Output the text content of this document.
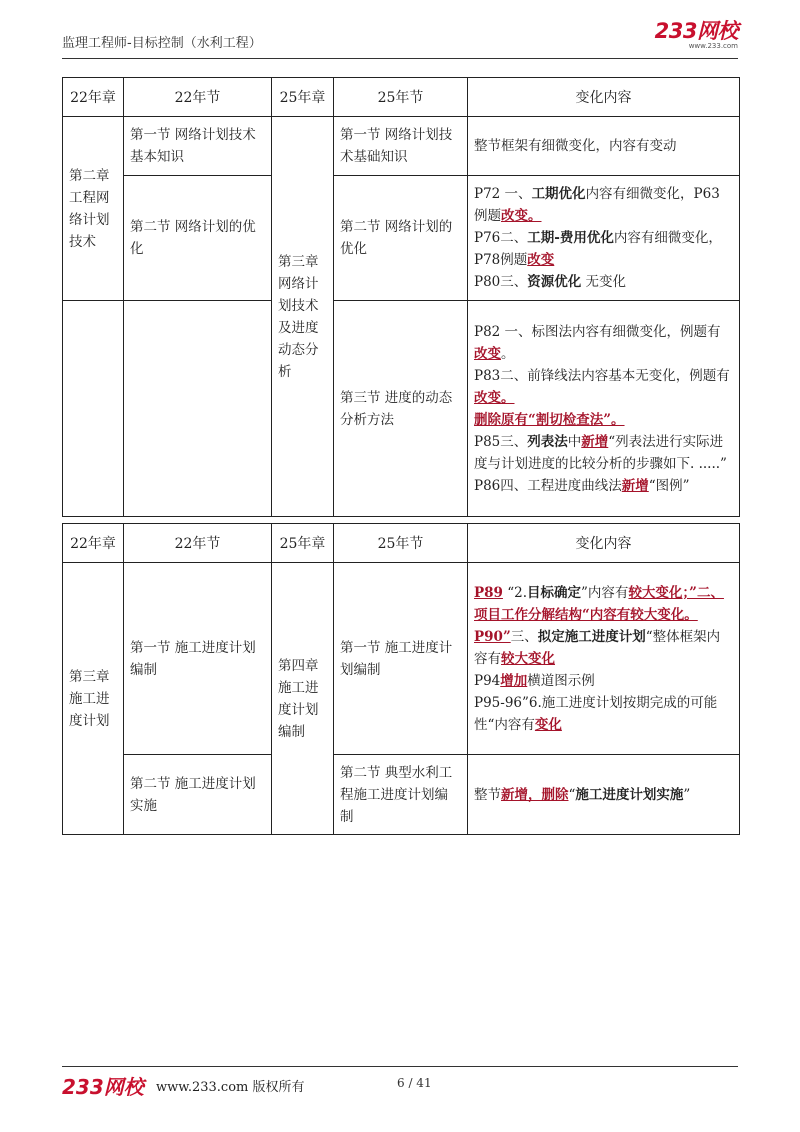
监理工程师-目标控制（水利工程）
233网校
www.233.com
22年章	22年节	25年章	25年节	变化内容
第二章工程网络计划技术	第一节 网络计划技术基本知识	第三章网络计划技术及进度动态分析	第一节 网络计划技术基础知识	整节框架有细微变化，内容有变动

	第二节 网络计划的优化		第二节 网络计划的优化	P72 一、工期优化内容有细微变化，P63例题改变。
P76二、工期-费用优化内容有细微变化，P78例题改变
P80三、资源优化 无变化

			第三节 进度的动态分析方法	P82 一、标图法内容有细微变化，例题有改变。
P83二、前锋线法内容基本无变化，例题有改变。
删除原有“割切检查法”。
P85三、列表法中新增“列表法进行实际进度与计划进度的比较分析的步骤如下. .....”
P86四、工程进度曲线法新增“图例”
22年章	22年节	25年章	25年节	变化内容
第三章施工进度计划	第一节 施工进度计划编制	第四章施工进度计划编制	第一节 施工进度计划编制	P89 “2.目标确定”内容有较大变化；”二、项目工作分解结构“内容有较大变化。
P90”三、拟定施工进度计划“整体框架内容有较大变化
P94增加横道图示例
P95-96”6.施工进度计划按期完成的可能性“内容有变化

	第二节 施工进度计划实施		第二节 典型水利工程施工进度计划编制	整节新增，删除“施工进度计划实施”
233网校 www.233.com 版权所有	6 / 41
